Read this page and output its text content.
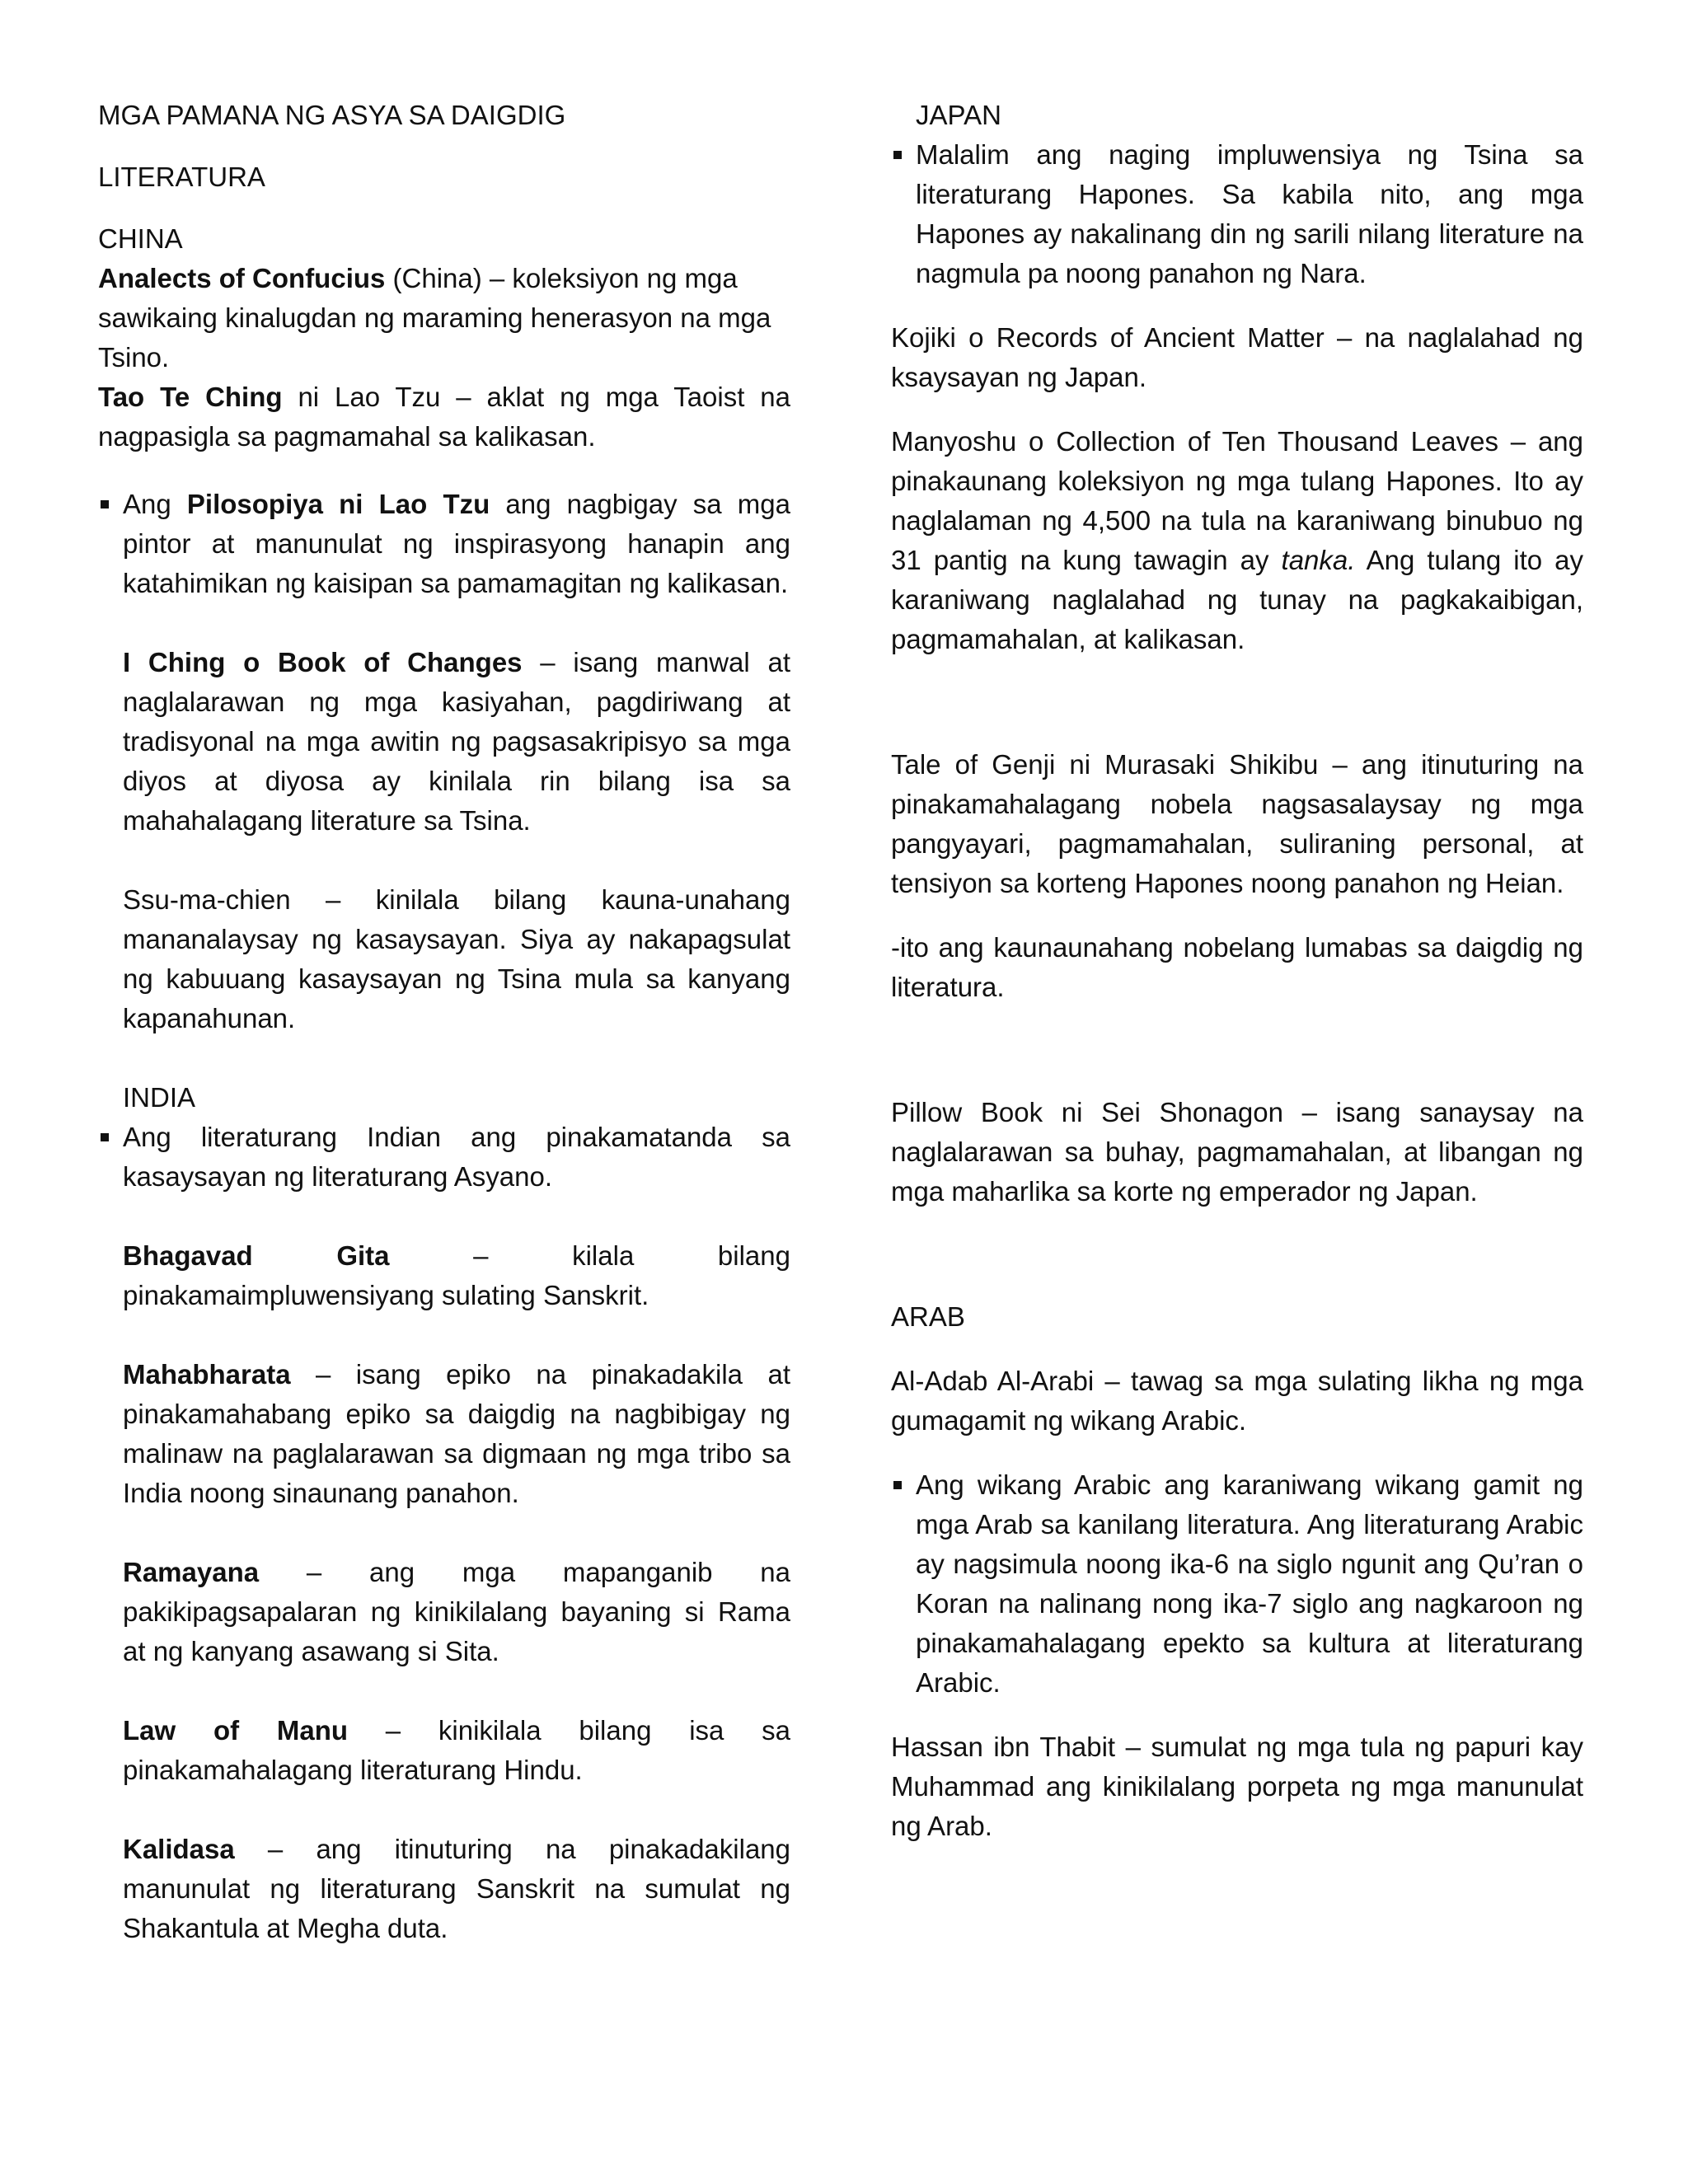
MGA PAMANA NG ASYA SA DAIGDIG

LITERATURA

CHINA

Analects of Confucius (China) – koleksiyon ng mga sawikaing kinalugdan ng maraming henerasyon na mga Tsino.

Tao Te Ching ni Lao Tzu – aklat ng mga Taoist na nagpasigla sa pagmamahal sa kalikasan.

Ang Pilosopiya ni Lao Tzu ang nagbigay sa mga pintor at manunulat ng inspirasyong hanapin ang katahimikan ng kaisipan sa pamamagitan ng kalikasan.

I Ching o Book of Changes – isang manwal at naglalarawan ng mga kasiyahan, pagdiriwang at tradisyonal na mga awitin ng pagsasakripisyo sa mga diyos at diyosa ay kinilala rin bilang isa sa mahahalagang literature sa Tsina.

Ssu-ma-chien – kinilala bilang kauna-unahang mananalaysay ng kasaysayan. Siya ay nakapagsulat ng kabuuang kasaysayan ng Tsina mula sa kanyang kapanahunan.

INDIA

Ang literaturang Indian ang pinakamatanda sa kasaysayan ng literaturang Asyano.

Bhagavad Gita – kilala bilang pinakamaimpluwensiyang sulating Sanskrit.

Mahabharata – isang epiko na pinakadakila at pinakamahabang epiko sa daigdig na nagbibigay ng malinaw na paglalarawan sa digmaan ng mga tribo sa India noong sinaunang panahon.

Ramayana – ang mga mapanganib na pakikipagsapalaran ng kinikilalang bayaning si Rama at ng kanyang asawang si Sita.

Law of Manu – kinikilala bilang isa sa pinakamahalagang literaturang Hindu.

Kalidasa – ang itinuturing na pinakadakilang manunulat ng literaturang Sanskrit na sumulat ng Shakantula at Megha duta.

JAPAN

Malalim ang naging impluwensiya ng Tsina sa literaturang Hapones. Sa kabila nito, ang mga Hapones ay nakalinang din ng sarili nilang literature na nagmula pa noong panahon ng Nara.

Kojiki o Records of Ancient Matter – na naglalahad ng ksaysayan ng Japan.

Manyoshu o Collection of Ten Thousand Leaves – ang pinakaunang koleksiyon ng mga tulang Hapones. Ito ay naglalaman ng 4,500 na tula na karaniwang binubuo ng 31 pantig na kung tawagin ay tanka. Ang tulang ito ay karaniwang naglalahad ng tunay na pagkakaibigan, pagmamahalan, at kalikasan.

Tale of Genji ni Murasaki Shikibu – ang itinuturing na pinakamahalagang nobela nagsasalaysay ng mga pangyayari, pagmamahalan, suliraning personal, at tensiyon sa korteng Hapones noong panahon ng Heian.

-ito ang kaunaunahang nobelang lumabas sa daigdig ng literatura.

Pillow Book ni Sei Shonagon – isang sanaysay na naglalarawan sa buhay, pagmamahalan, at libangan ng mga maharlika sa korte ng emperador ng Japan.

ARAB

Al-Adab Al-Arabi – tawag sa mga sulating likha ng mga gumagamit ng wikang Arabic.

Ang wikang Arabic ang karaniwang wikang gamit ng mga Arab sa kanilang literatura. Ang literaturang Arabic ay nagsimula noong ika-6 na siglo ngunit ang Qu’ran o Koran na nalinang nong ika-7 siglo ang nagkaroon ng pinakamahalagang epekto sa kultura at literaturang Arabic.

Hassan ibn Thabit – sumulat ng mga tula ng papuri kay Muhammad ang kinikilalang porpeta ng mga manunulat ng Arab.
